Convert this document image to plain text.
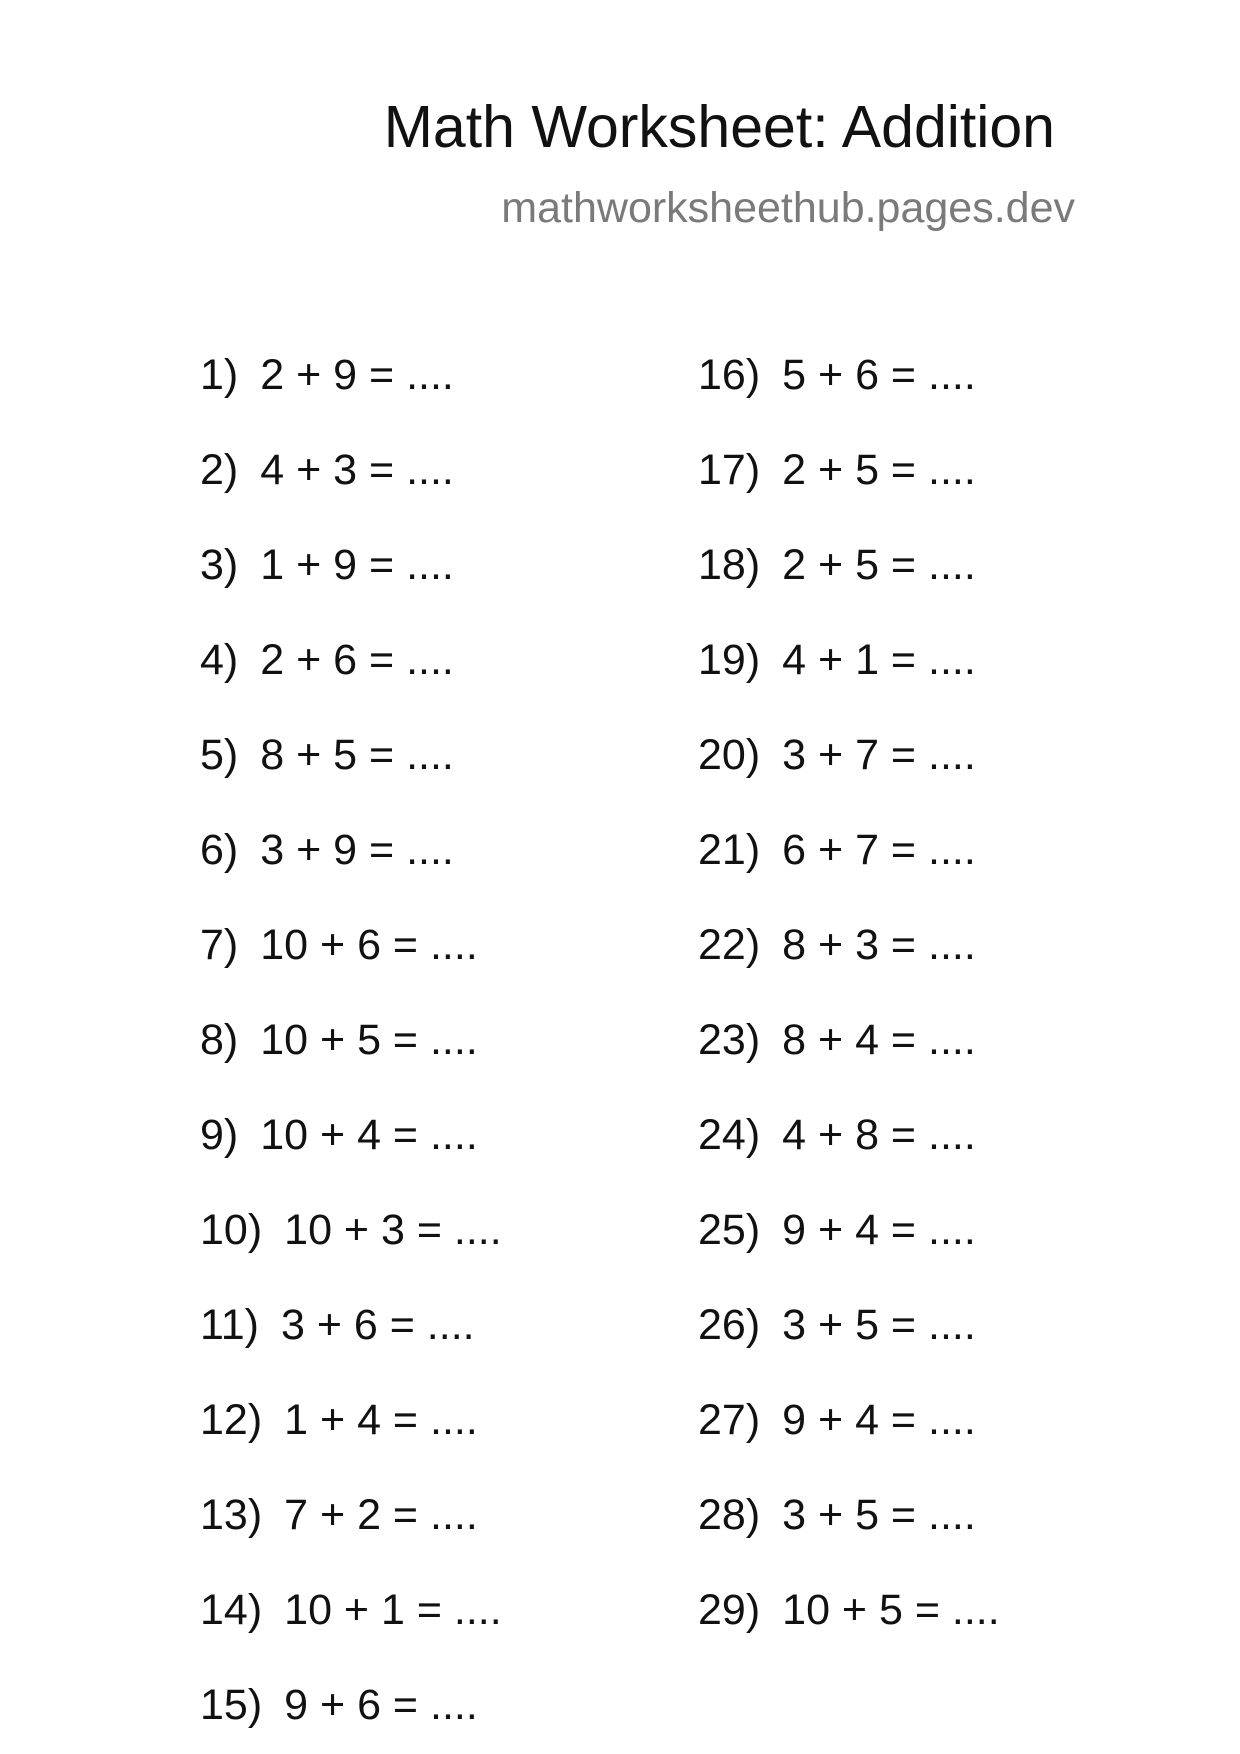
Math Worksheet: Addition
mathworksheethub.pages.dev
1) 2 + 9 = ....
2) 4 + 3 = ....
3) 1 + 9 = ....
4) 2 + 6 = ....
5) 8 + 5 = ....
6) 3 + 9 = ....
7) 10 + 6 = ....
8) 10 + 5 = ....
9) 10 + 4 = ....
10) 10 + 3 = ....
11) 3 + 6 = ....
12) 1 + 4 = ....
13) 7 + 2 = ....
14) 10 + 1 = ....
15) 9 + 6 = ....
16) 5 + 6 = ....
17) 2 + 5 = ....
18) 2 + 5 = ....
19) 4 + 1 = ....
20) 3 + 7 = ....
21) 6 + 7 = ....
22) 8 + 3 = ....
23) 8 + 4 = ....
24) 4 + 8 = ....
25) 9 + 4 = ....
26) 3 + 5 = ....
27) 9 + 4 = ....
28) 3 + 5 = ....
29) 10 + 5 = ....
